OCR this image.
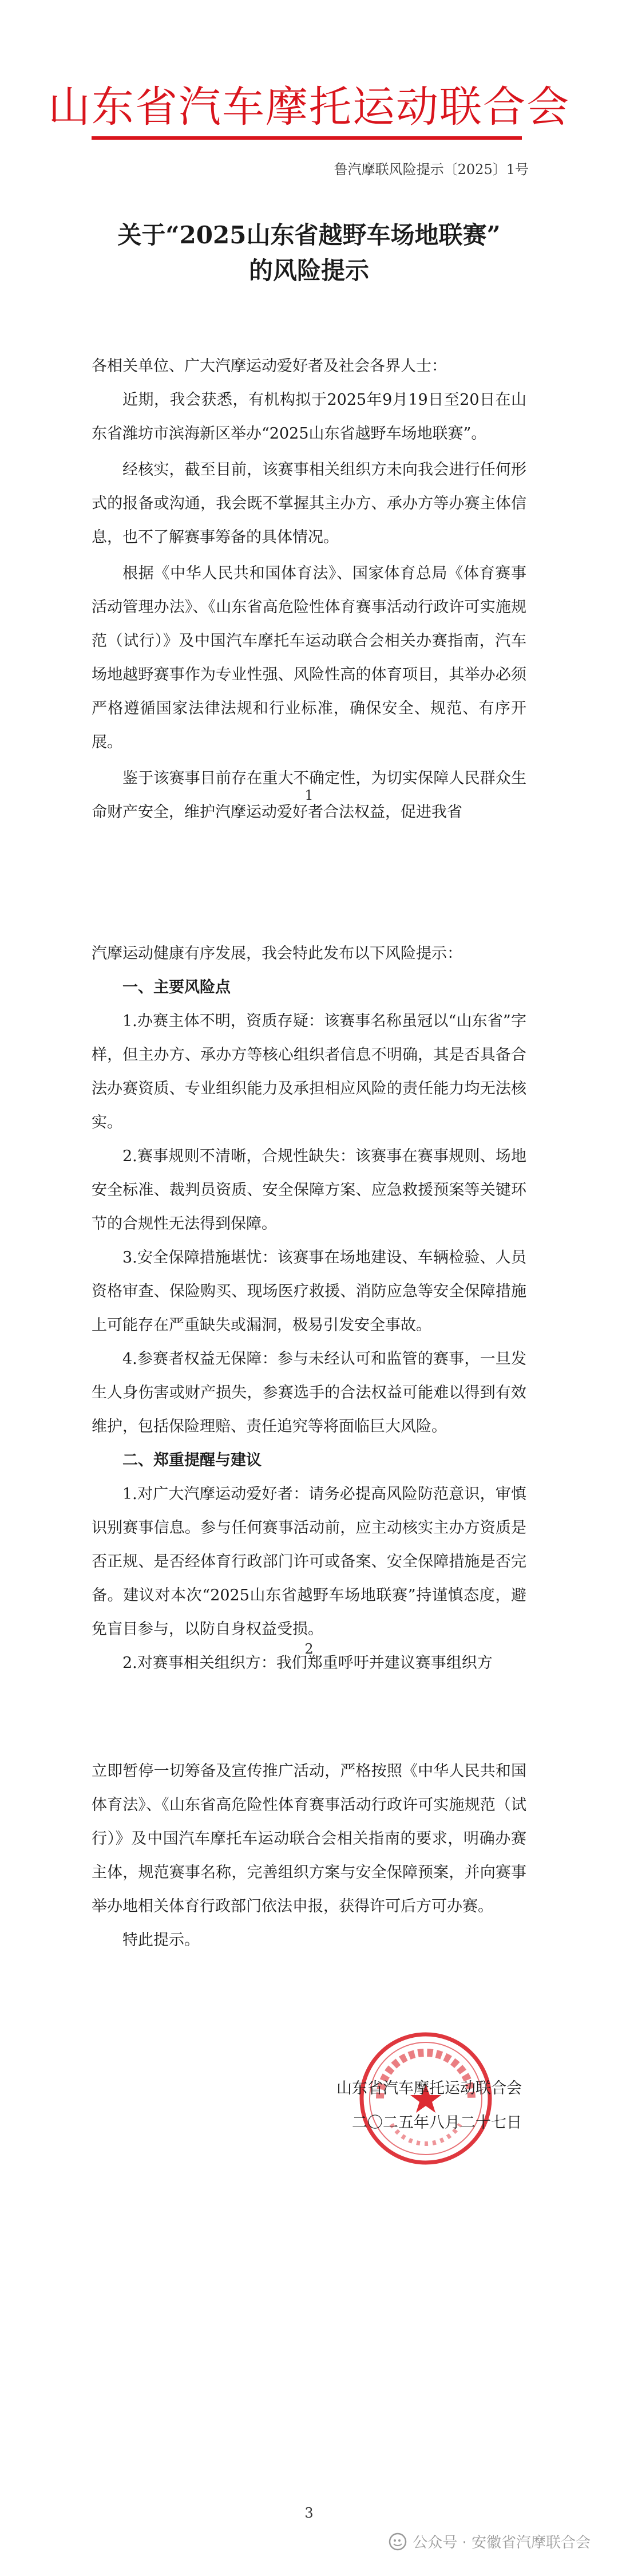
山东省汽车摩托运动联合会
鲁汽摩联风险提示〔2025〕1号
关于“2025山东省越野车场地联赛”
的风险提示

各相关单位、广大汽摩运动爱好者及社会各界人士：

近期，我会获悉，有机构拟于2025年9月19日至20日在山东省潍坊市滨海新区举办“2025山东省越野车场地联赛”。

经核实，截至目前，该赛事相关组织方未向我会进行任何形式的报备或沟通，我会既不掌握其主办方、承办方等办赛主体信息，也不了解赛事筹备的具体情况。

根据《中华人民共和国体育法》、国家体育总局《体育赛事活动管理办法》、《山东省高危险性体育赛事活动行政许可实施规范（试行）》及中国汽车摩托车运动联合会相关办赛指南，汽车场地越野赛事作为专业性强、风险性高的体育项目，其举办必须严格遵循国家法律法规和行业标准，确保安全、规范、有序开展。

鉴于该赛事目前存在重大不确定性，为切实保障人民群众生命财产安全，维护汽摩运动爱好者合法权益，促进我省

1

汽摩运动健康有序发展，我会特此发布以下风险提示：

一、主要风险点

1.办赛主体不明，资质存疑：该赛事名称虽冠以“山东省”字样，但主办方、承办方等核心组织者信息不明确，其是否具备合法办赛资质、专业组织能力及承担相应风险的责任能力均无法核实。

2.赛事规则不清晰，合规性缺失：该赛事在赛事规则、场地安全标准、裁判员资质、安全保障方案、应急救援预案等关键环节的合规性无法得到保障。

3.安全保障措施堪忧：该赛事在场地建设、车辆检验、人员资格审查、保险购买、现场医疗救援、消防应急等安全保障措施上可能存在严重缺失或漏洞，极易引发安全事故。

4.参赛者权益无保障：参与未经认可和监管的赛事，一旦发生人身伤害或财产损失，参赛选手的合法权益可能难以得到有效维护，包括保险理赔、责任追究等将面临巨大风险。

二、郑重提醒与建议

1.对广大汽摩运动爱好者：请务必提高风险防范意识，审慎识别赛事信息。参与任何赛事活动前，应主动核实主办方资质是否正规、是否经体育行政部门许可或备案、安全保障措施是否完备。建议对本次“2025山东省越野车场地联赛”持谨慎态度，避免盲目参与，以防自身权益受损。

2.对赛事相关组织方：我们郑重呼吁并建议赛事组织方

2

立即暂停一切筹备及宣传推广活动，严格按照《中华人民共和国体育法》、《山东省高危险性体育赛事活动行政许可实施规范（试行）》及中国汽车摩托车运动联合会相关指南的要求，明确办赛主体，规范赛事名称，完善组织方案与安全保障预案，并向赛事举办地相关体育行政部门依法申报，获得许可后方可办赛。

特此提示。

山东省汽车摩托运动联合会
二〇二五年八月二十七日
3
公众号 · 安徽省汽摩联合会
